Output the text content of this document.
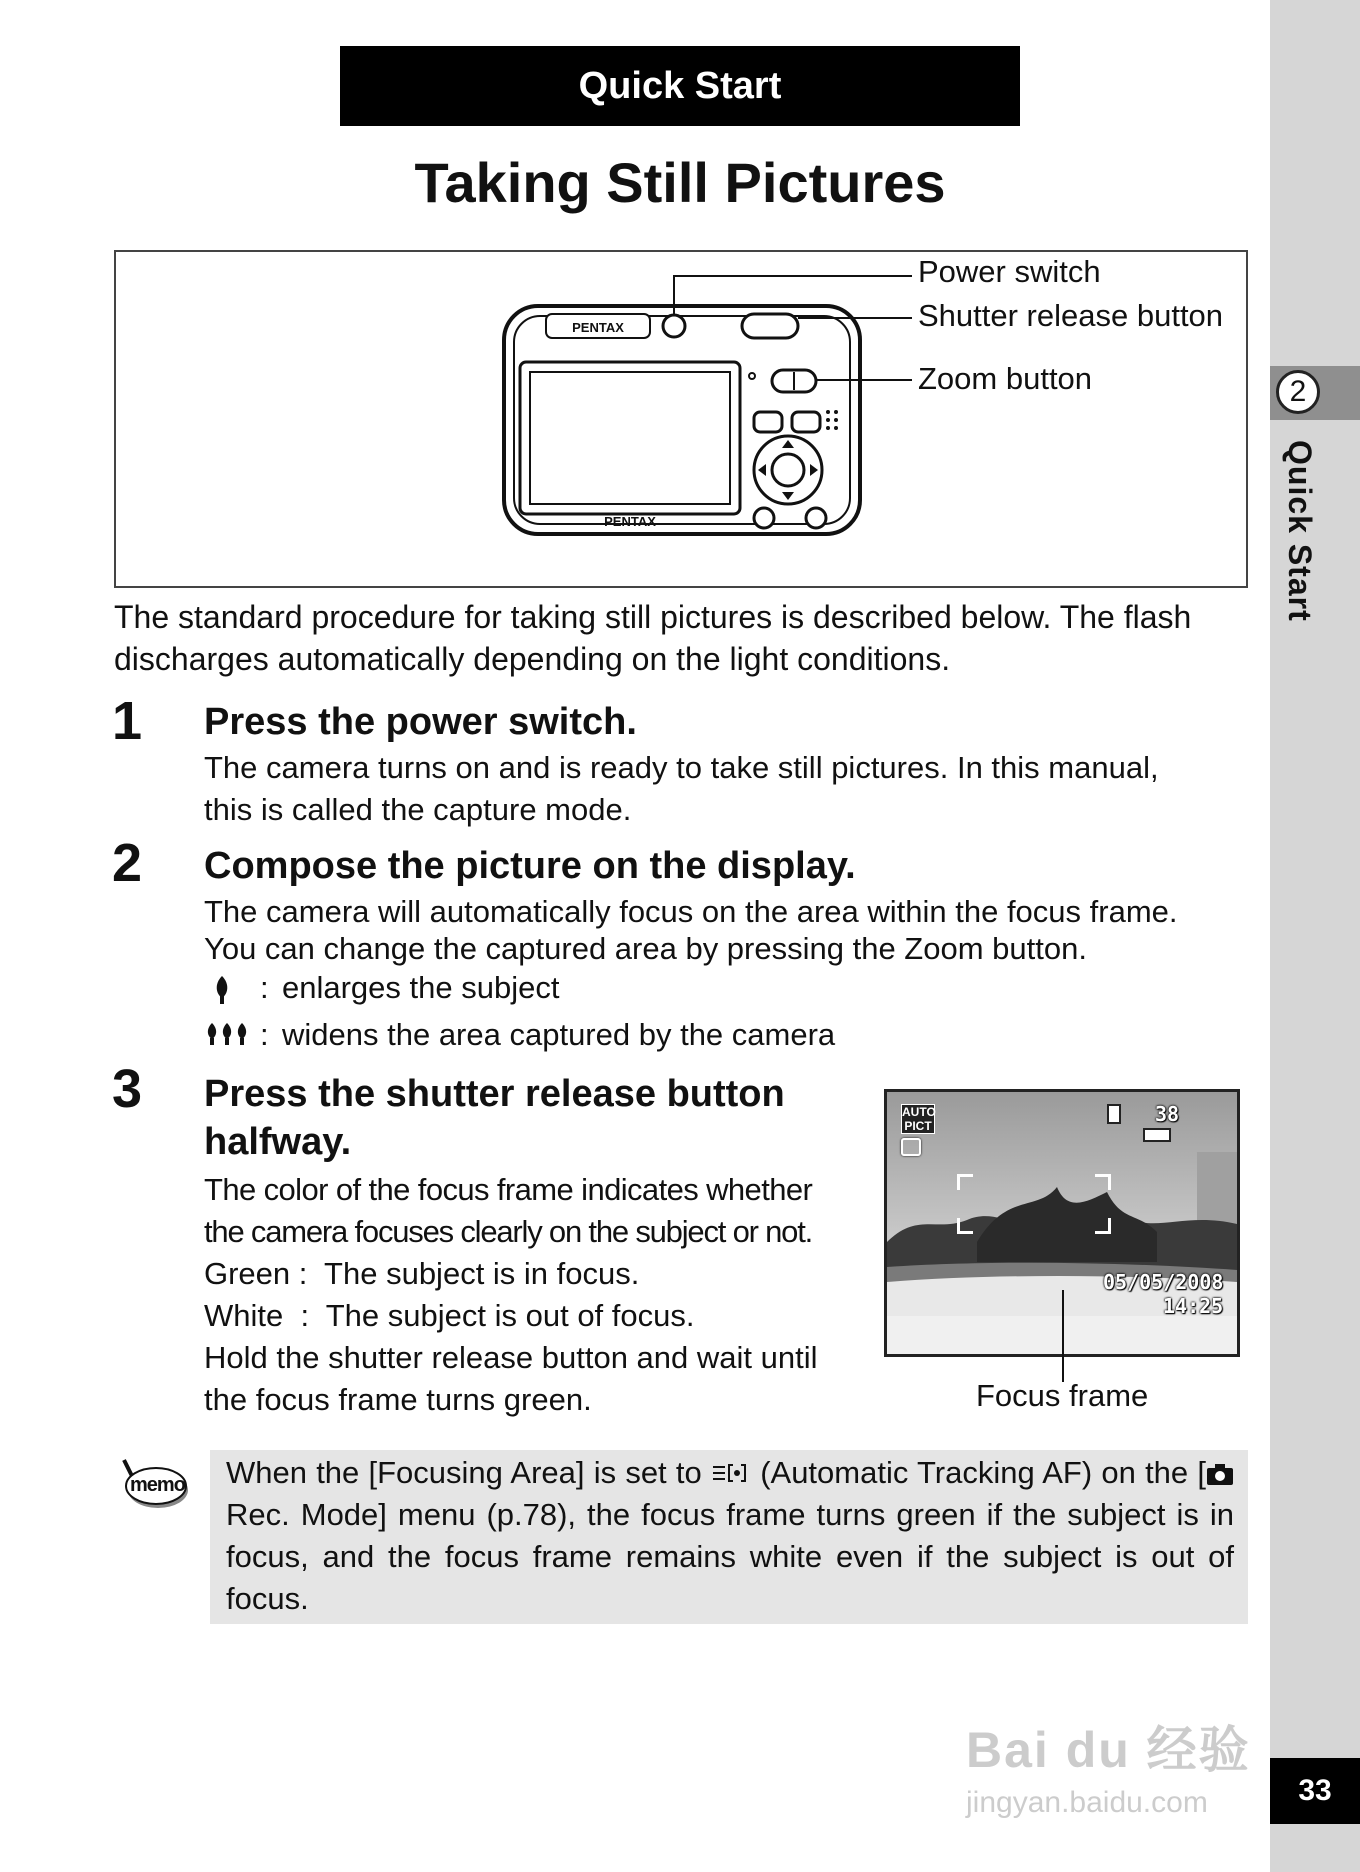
2
Quick Start
33
Quick Start
Taking Still Pictures
PENTAX
PENTAX
Power switch
Shutter release button
Zoom button

The standard procedure for taking still pictures is described below. The flash discharges automatically depending on the light conditions.

1 Press the power switch.
The camera turns on and is ready to take still pictures. In this manual,
this is called the capture mode.
2 Compose the picture on the display.
The camera will automatically focus on the area within the focus frame.
You can change the captured area by pressing the Zoom button.
: enlarges the subject
: widens the area captured by the camera
3 Press the shutter release button
halfway.
The color of the focus frame indicates whether
the camera focuses clearly on the subject or not.
Green :  The subject is in focus.
White  :  The subject is out of focus.
Hold the shutter release button and wait until
the focus frame turns green.
AUTO
PICT	38
05/05/2008
14:25
Focus frame
memo When the [Focusing Area] is set to (Automatic Tracking AF) on the [ Rec. Mode] menu (p.78), the focus frame turns green if the subject is in focus, and the focus frame remains white even if the subject is out of focus.
Bai du 经验
jingyan.baidu.com
